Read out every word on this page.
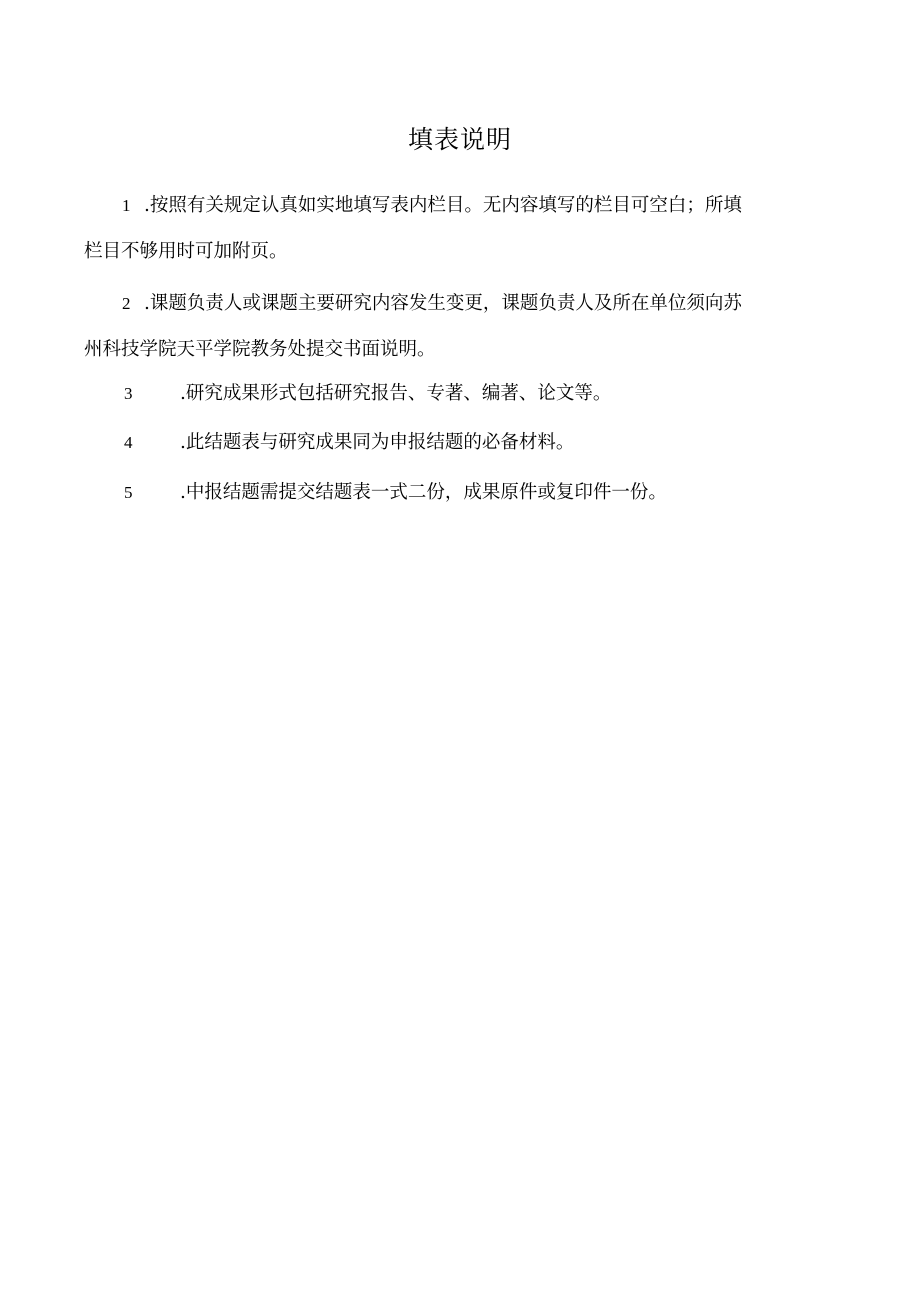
填表说明
1 .按照有关规定认真如实地填写表内栏目。无内容填写的栏目可空白；所填
栏目不够用时可加附页。
2 .课题负责人或课题主要研究内容发生变更，课题负责人及所在单位须向苏
州科技学院天平学院教务处提交书面说明。
3	.研究成果形式包括研究报告、专著、编著、论文等。
4	.此结题表与研究成果同为申报结题的必备材料。
5	.中报结题需提交结题表一式二份，成果原件或复印件一份。
